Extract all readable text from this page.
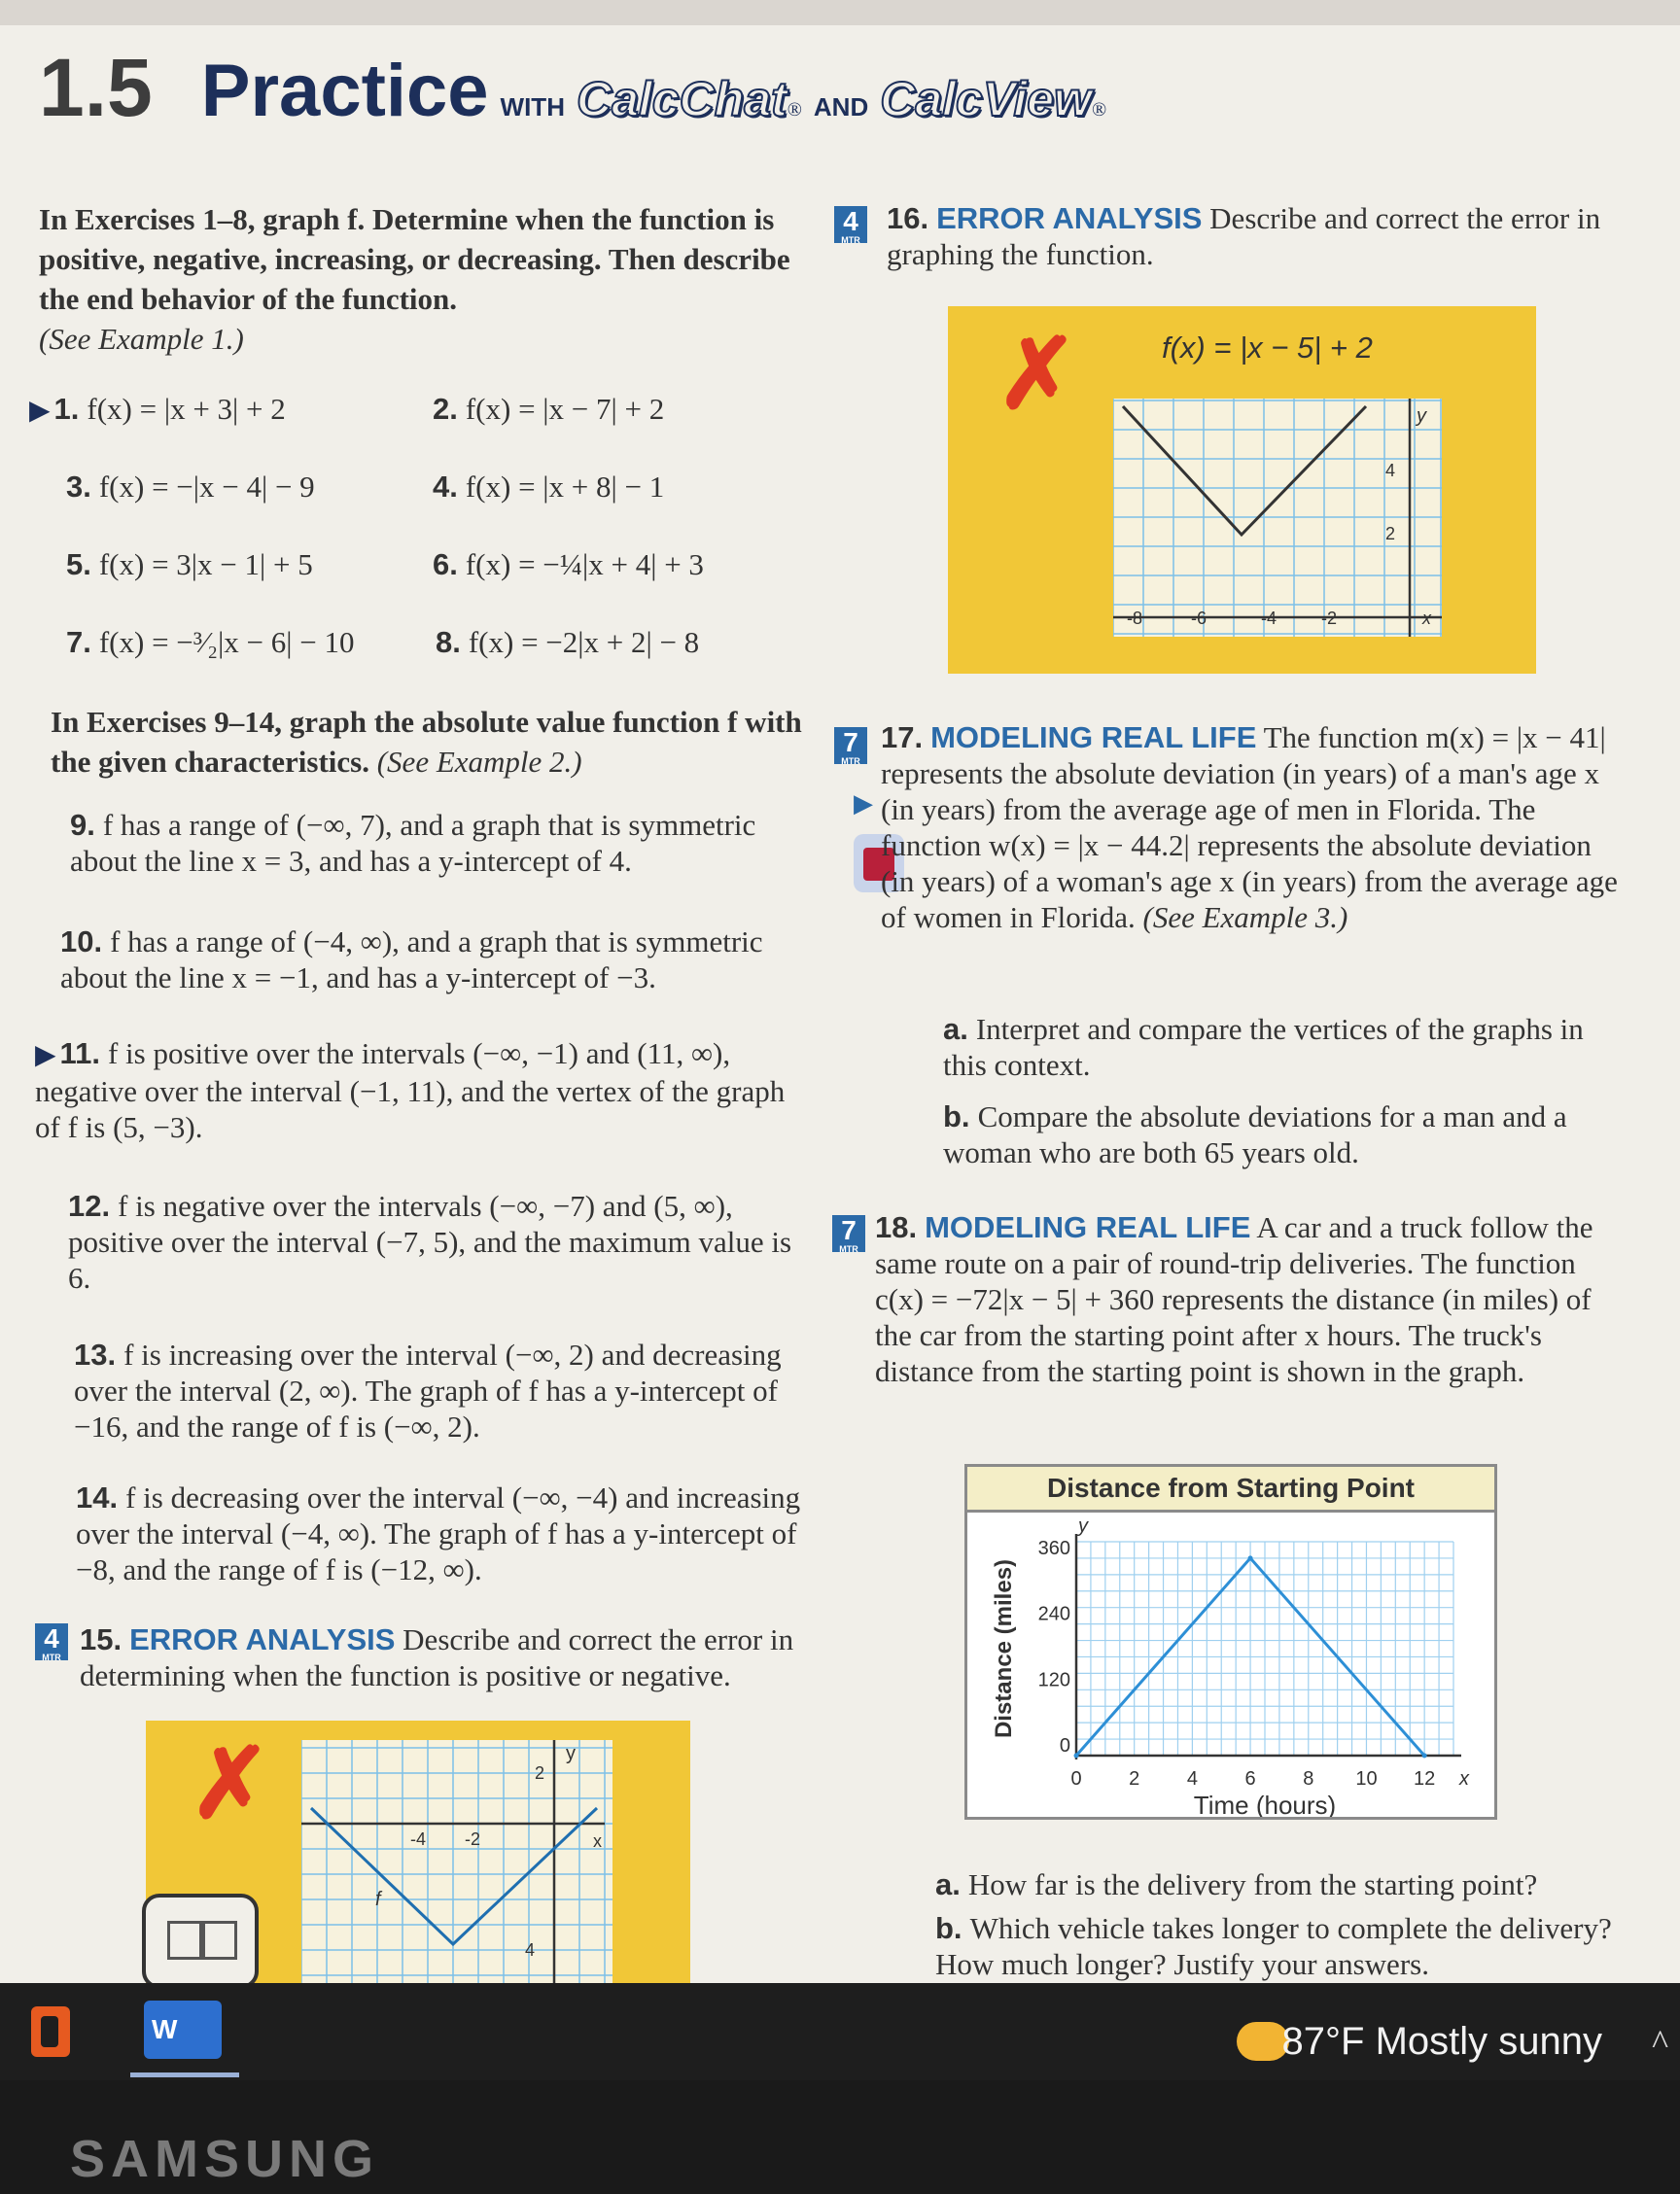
1.5 Practice WITH CalcChat ® AND CalcView ®
In Exercises 1–8, graph f. Determine when the function is positive, negative, increasing, or decreasing. Then describe the end behavior of the function.
(See Example 1.)
▶ 1. f(x) = |x + 3| + 2	2. f(x) = |x − 7| + 2
3. f(x) = −|x − 4| − 9	4. f(x) = |x + 8| − 1
5. f(x) = 3|x − 1| + 5	6. f(x) = −¼|x + 4| + 3
7. f(x) = −³⁄₂|x − 6| − 10	8. f(x) = −2|x + 2| − 8
In Exercises 9–14, graph the absolute value function f with the given characteristics. (See Example 2.)
9. f has a range of (−∞, 7), and a graph that is symmetric about the line x = 3, and has a y-intercept of 4.
10. f has a range of (−4, ∞), and a graph that is symmetric about the line x = −1, and has a y-intercept of −3.
▶ 11. f is positive over the intervals (−∞, −1) and (11, ∞), negative over the interval (−1, 11), and the vertex of the graph of f is (5, −3).
12. f is negative over the intervals (−∞, −7) and (5, ∞), positive over the interval (−7, 5), and the maximum value is 6.
13. f is increasing over the interval (−∞, 2) and decreasing over the interval (2, ∞). The graph of f has a y-intercept of −16, and the range of f is (−∞, 2).
14. f is decreasing over the interval (−∞, −4) and increasing over the interval (−4, ∞). The graph of f has a y-intercept of −8, and the range of f is (−12, ∞).
4
MTR
15. ERROR ANALYSIS Describe and correct the error in determining when the function is positive or negative.
✗	y
2
x
-4 -2
f
4
4
MTR
16. ERROR ANALYSIS Describe and correct the error in graphing the function.
✗	f(x) = |x − 5| + 2
y
4
2
x
-8	-6	-4	-2
7
MTR
▶
17. MODELING REAL LIFE The function m(x) = |x − 41| represents the absolute deviation (in years) of a man's age x (in years) from the average age of men in Florida. The function w(x) = |x − 44.2| represents the absolute deviation (in years) of a woman's age x (in years) from the average age of women in Florida. (See Example 3.)
a. Interpret and compare the vertices of the graphs in this context.
b. Compare the absolute deviations for a man and a woman who are both 65 years old.
7
MTR
18. MODELING REAL LIFE A car and a truck follow the same route on a pair of round-trip deliveries. The function c(x) = −72|x − 5| + 360 represents the distance (in miles) of the car from the starting point after x hours. The truck's distance from the starting point is shown in the graph.
Distance from Starting Point
0 2 4 6 8 10 12
0
120
240
360
x
y
Time (hours)
Distance (miles)
a. How far is the delivery from the starting point?
b. Which vehicle takes longer to complete the delivery? How much longer? Justify your answers.
W	87°F Mostly sunny ^
SAMSUNG
